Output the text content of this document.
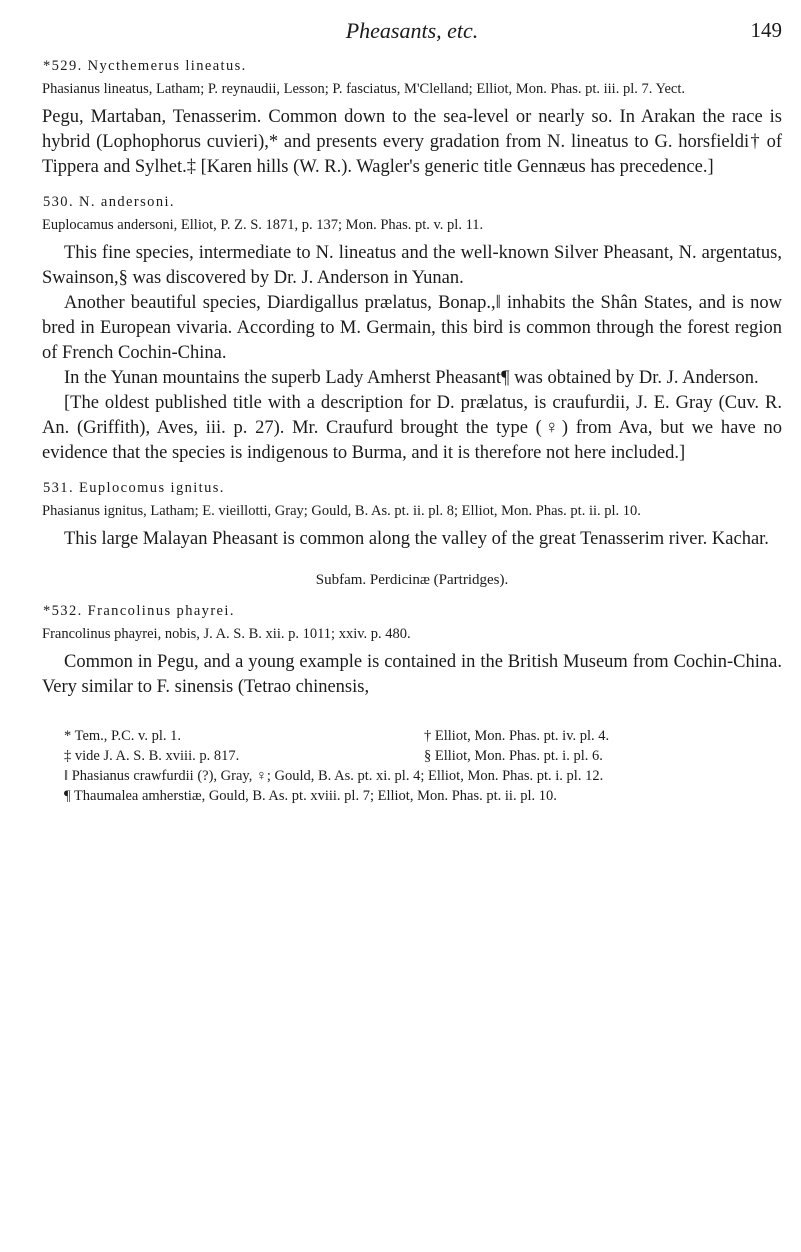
Pheasants, etc.	149
*529. Nycthemerus lineatus.
Phasianus lineatus, Latham; P. reynaudii, Lesson; P. fasciatus, M'Clelland; Elliot, Mon. Phas. pt. iii. pl. 7. Yect.

Pegu, Martaban, Tenasserim. Common down to the sea-level or nearly so. In Arakan the race is hybrid (Lophophorus cuvieri),* and presents every gradation from N. lineatus to G. horsfieldi† of Tippera and Sylhet.‡ [Karen hills (W. R.). Wagler's generic title Gennæus has precedence.]

530. N. andersoni.
Euplocamus andersoni, Elliot, P. Z. S. 1871, p. 137; Mon. Phas. pt. v. pl. 11.

This fine species, intermediate to N. lineatus and the well-known Silver Pheasant, N. argentatus, Swainson,§ was discovered by Dr. J. Anderson in Yunan.

Another beautiful species, Diardigallus prælatus, Bonap.,‖ inhabits the Shân States, and is now bred in European vivaria. According to M. Germain, this bird is common through the forest region of French Cochin-China.

In the Yunan mountains the superb Lady Amherst Pheasant¶ was obtained by Dr. J. Anderson.

[The oldest published title with a description for D. prælatus, is craufurdii, J. E. Gray (Cuv. R. An. (Griffith), Aves, iii. p. 27). Mr. Craufurd brought the type (♀) from Ava, but we have no evidence that the species is indigenous to Burma, and it is therefore not here included.]

531. Euplocomus ignitus.
Phasianus ignitus, Latham; E. vieillotti, Gray; Gould, B. As. pt. ii. pl. 8; Elliot, Mon. Phas. pt. ii. pl. 10.

This large Malayan Pheasant is common along the valley of the great Tenasserim river. Kachar.

Subfam. Perdicinæ (Partridges).
*532. Francolinus phayrei.
Francolinus phayrei, nobis, J. A. S. B. xii. p. 1011; xxiv. p. 480.

Common in Pegu, and a young example is contained in the British Museum from Cochin-China. Very similar to F. sinensis (Tetrao chinensis,

* Tem., P.C. v. pl. 1.	† Elliot, Mon. Phas. pt. iv. pl. 4.
‡ vide J. A. S. B. xviii. p. 817.	§ Elliot, Mon. Phas. pt. i. pl. 6.
‖ Phasianus crawfurdii (?), Gray, ♀; Gould, B. As. pt. xi. pl. 4; Elliot, Mon. Phas. pt. i. pl. 12.
¶ Thaumalea amherstiæ, Gould, B. As. pt. xviii. pl. 7; Elliot, Mon. Phas. pt. ii. pl. 10.
